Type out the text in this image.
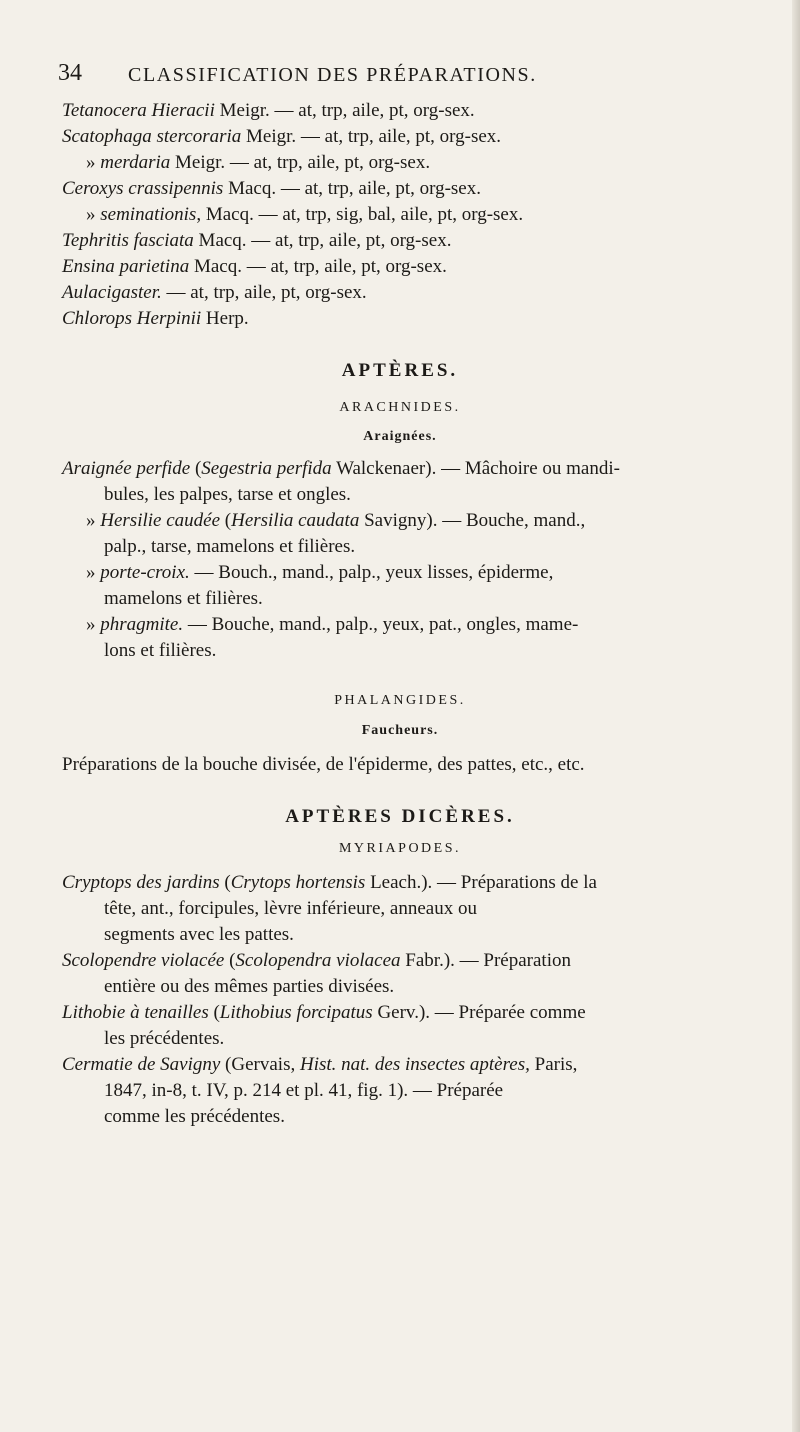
34 CLASSIFICATION DES PRÉPARATIONS.
Tetanocera Hieracii Meigr. — at, trp, aile, pt, org-sex.
Scatophaga stercoraria Meigr. — at, trp, aile, pt, org-sex.
» merdaria Meigr. — at, trp, aile, pt, org-sex.
Ceroxys crassipennis Macq. — at, trp, aile, pt, org-sex.
» seminationis, Macq. — at, trp, sig, bal, aile, pt, org-sex.
Tephritis fasciata Macq. — at, trp, aile, pt, org-sex.
Ensina parietina Macq. — at, trp, aile, pt, org-sex.
Aulacigaster. — at, trp, aile, pt, org-sex.
Chlorops Herpinii Herp.
APTÈRES.
ARACHNIDES.
Araignées.
Araignée perfide (Segestria perfida Walckenaer). — Mâchoire ou mandi-
bules, les palpes, tarse et ongles.
» Hersilie caudée (Hersilia caudata Savigny). — Bouche, mand.,
palp., tarse, mamelons et filières.
» porte-croix. — Bouch., mand., palp., yeux lisses, épiderme,
mamelons et filières.
» phragmite. — Bouche, mand., palp., yeux, pat., ongles, mame-
lons et filières.
PHALANGIDES.
Faucheurs.
Préparations de la bouche divisée, de l'épiderme, des pattes, etc., etc.
APTÈRES DICÈRES.
MYRIAPODES.
Cryptops des jardins (Crytops hortensis Leach.). — Préparations de la
tête, ant., forcipules, lèvre inférieure, anneaux ou
segments avec les pattes.
Scolopendre violacée (Scolopendra violacea Fabr.). — Préparation
entière ou des mêmes parties divisées.
Lithobie à tenailles (Lithobius forcipatus Gerv.). — Préparée comme
les précédentes.
Cermatie de Savigny (Gervais, Hist. nat. des insectes aptères, Paris,
1847, in-8, t. IV, p. 214 et pl. 41, fig. 1). — Préparée
comme les précédentes.
